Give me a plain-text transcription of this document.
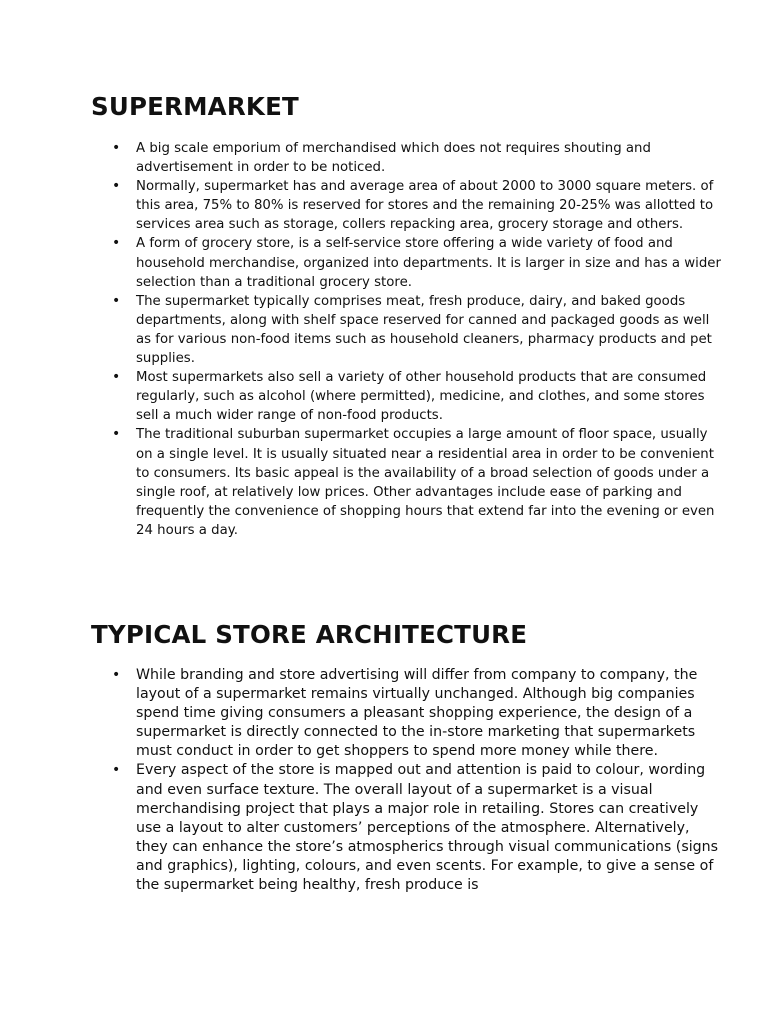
SUPERMARKET
• A big scale emporium of merchandised which does not requires shouting and advertisement in order to be noticed.
• Normally, supermarket has and average area of about 2000 to 3000 square meters. of this area, 75% to 80% is reserved for stores and the remaining 20-25% was allotted to services area such as storage, collers repacking area, grocery storage and others.
• A form of grocery store, is a self-service store offering a wide variety of food and household merchandise, organized into departments. It is larger in size and has a wider selection than a traditional grocery store.
• The supermarket typically comprises meat, fresh produce, dairy, and baked goods departments, along with shelf space reserved for canned and packaged goods as well as for various non-food items such as household cleaners, pharmacy products and pet supplies.
• Most supermarkets also sell a variety of other household products that are consumed regularly, such as alcohol (where permitted), medicine, and clothes, and some stores sell a much wider range of non-food products.
• The traditional suburban supermarket occupies a large amount of floor space, usually on a single level. It is usually situated near a residential area in order to be convenient to consumers. Its basic appeal is the availability of a broad selection of goods under a single roof, at relatively low prices. Other advantages include ease of parking and frequently the convenience of shopping hours that extend far into the evening or even 24 hours a day.
TYPICAL STORE ARCHITECTURE
• While branding and store advertising will differ from company to company, the layout of a supermarket remains virtually unchanged. Although big companies spend time giving consumers a pleasant shopping experience, the design of a supermarket is directly connected to the in-store marketing that supermarkets must conduct in order to get shoppers to spend more money while there.
• Every aspect of the store is mapped out and attention is paid to colour, wording and even surface texture. The overall layout of a supermarket is a visual merchandising project that plays a major role in retailing. Stores can creatively use a layout to alter customers’ perceptions of the atmosphere. Alternatively, they can enhance the store’s atmospherics through visual communications (signs and graphics), lighting, colours, and even scents. For example, to give a sense of the supermarket being healthy, fresh produce is
